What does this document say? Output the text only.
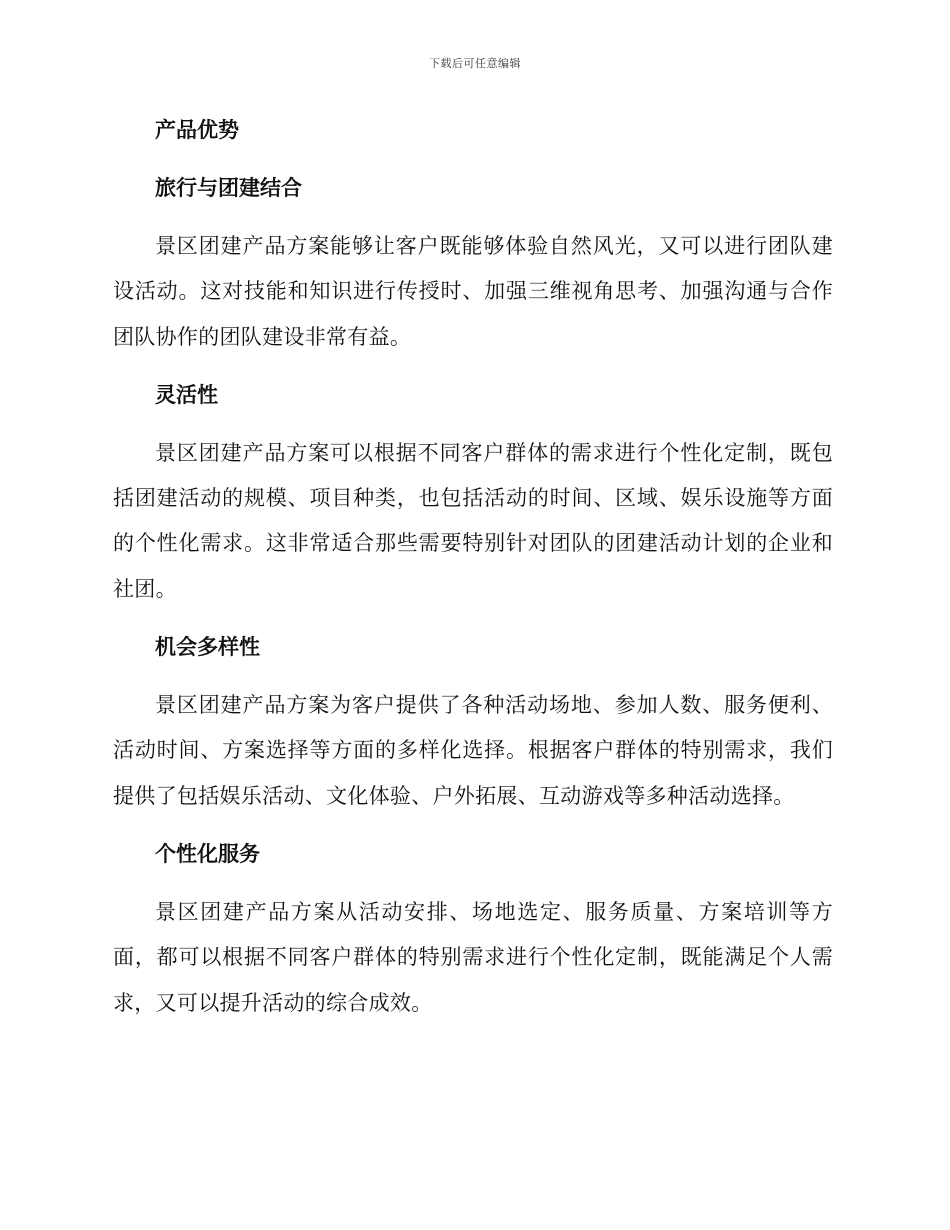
下载后可任意编辑
产品优势
旅行与团建结合

景区团建产品方案能够让客户既能够体验自然风光，又可以进行团队建设活动。这对技能和知识进行传授时、加强三维视角思考、加强沟通与合作团队协作的团队建设非常有益。

灵活性

景区团建产品方案可以根据不同客户群体的需求进行个性化定制，既包括团建活动的规模、项目种类，也包括活动的时间、区域、娱乐设施等方面的个性化需求。这非常适合那些需要特别针对团队的团建活动计划的企业和社团。

机会多样性

景区团建产品方案为客户提供了各种活动场地、参加人数、服务便利、活动时间、方案选择等方面的多样化选择。根据客户群体的特别需求，我们提供了包括娱乐活动、文化体验、户外拓展、互动游戏等多种活动选择。

个性化服务

景区团建产品方案从活动安排、场地选定、服务质量、方案培训等方面，都可以根据不同客户群体的特别需求进行个性化定制，既能满足个人需求，又可以提升活动的综合成效。
